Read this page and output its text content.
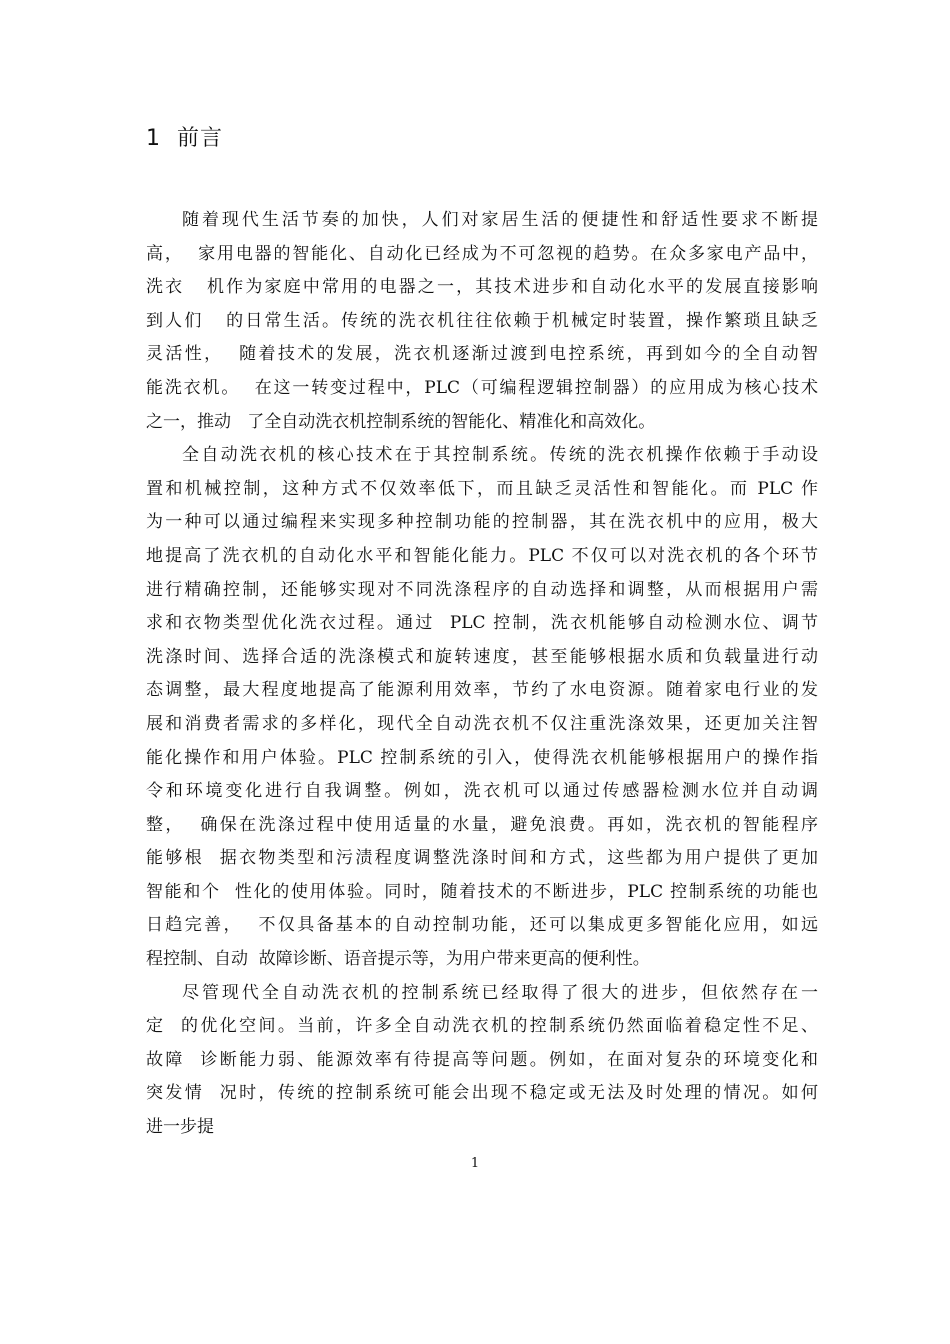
1  前言
随着现代生活节奏的加快，人们对家居生活的便捷性和舒适性要求不断提
高，  家用电器的智能化、自动化已经成为不可忽视的趋势。在众多家电产品中，
洗衣   机作为家庭中常用的电器之一，其技术进步和自动化水平的发展直接影响
到人们   的日常生活。传统的洗衣机往往依赖于机械定时装置，操作繁琐且缺乏
灵活性，  随着技术的发展，洗衣机逐渐过渡到电控系统，再到如今的全自动智
能洗衣机。  在这一转变过程中，PLC（可编程逻辑控制器）的应用成为核心技术
之一，推动   了全自动洗衣机控制系统的智能化、精准化和高效化。
全自动洗衣机的核心技术在于其控制系统。传统的洗衣机操作依赖于手动设
置和机械控制，这种方式不仅效率低下，而且缺乏灵活性和智能化。而 PLC 作
为一种可以通过编程来实现多种控制功能的控制器，其在洗衣机中的应用，极大
地提高了洗衣机的自动化水平和智能化能力。PLC 不仅可以对洗衣机的各个环节
进行精确控制，还能够实现对不同洗涤程序的自动选择和调整，从而根据用户需
求和衣物类型优化洗衣过程。通过  PLC 控制，洗衣机能够自动检测水位、调节
洗涤时间、选择合适的洗涤模式和旋转速度，甚至能够根据水质和负载量进行动
态调整，最大程度地提高了能源利用效率，节约了水电资源。随着家电行业的发
展和消费者需求的多样化，现代全自动洗衣机不仅注重洗涤效果，还更加关注智
能化操作和用户体验。PLC 控制系统的引入，使得洗衣机能够根据用户的操作指
令和环境变化进行自我调整。例如，洗衣机可以通过传感器检测水位并自动调
整，  确保在洗涤过程中使用适量的水量，避免浪费。再如，洗衣机的智能程序
能够根  据衣物类型和污渍程度调整洗涤时间和方式，这些都为用户提供了更加
智能和个  性化的使用体验。同时，随着技术的不断进步，PLC 控制系统的功能也
日趋完善，  不仅具备基本的自动控制功能，还可以集成更多智能化应用，如远
程控制、自动  故障诊断、语音提示等，为用户带来更高的便利性。
尽管现代全自动洗衣机的控制系统已经取得了很大的进步，但依然存在一
定  的优化空间。当前，许多全自动洗衣机的控制系统仍然面临着稳定性不足、
故障  诊断能力弱、能源效率有待提高等问题。例如，在面对复杂的环境变化和
突发情  况时，传统的控制系统可能会出现不稳定或无法及时处理的情况。如何
进一步提
1
